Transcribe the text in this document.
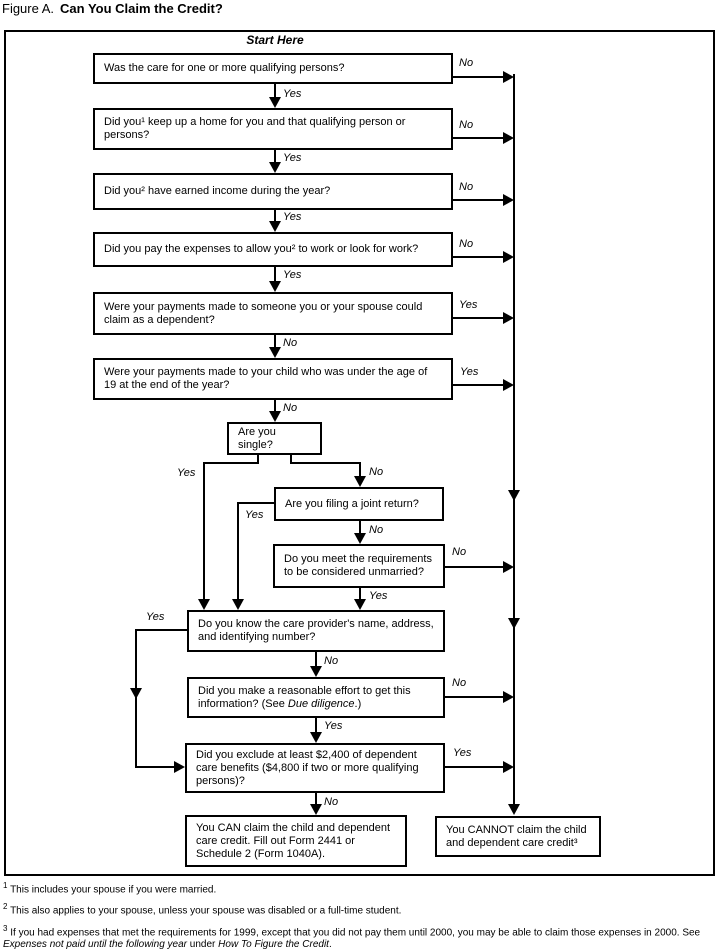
Figure A. Can You Claim the Credit?
Start Here
Was the care for one or more qualifying persons?
Did you¹ keep up a home for you and that qualifying person or persons?
Did you² have earned income during the year?
Did you pay the expenses to allow you² to work or look for work?
Were your payments made to someone you or your spouse could claim as a dependent?
Were your payments made to your child who was under the age of 19 at the end of the year?
Are you single?
Are you filing a joint return?
Do you meet the requirements to be considered unmarried?
Do you know the care provider's name, address, and identifying number?
Did you make a reasonable effort to get this information? (See Due diligence.)
Did you exclude at least $2,400 of dependent care benefits ($4,800 if two or more qualifying persons)?
You CAN claim the child and dependent care credit. Fill out Form 2441 or Schedule 2 (Form 1040A).
You CANNOT claim the child and dependent care credit³
No
No
No
No
Yes
Yes
No
No
Yes
Yes
Yes
Yes
Yes
No
No
Yes	No
Yes
No
Yes
Yes
No
Yes
No
$^1$ This includes your spouse if you were married.
$^2$ This also applies to your spouse, unless your spouse was disabled or a full-time student.
$^3$ If you had expenses that met the requirements for 1999, except that you did not pay them until 2000, you may be able to claim those expenses in 2000. See Expenses not paid until the following year under How To Figure the Credit.
